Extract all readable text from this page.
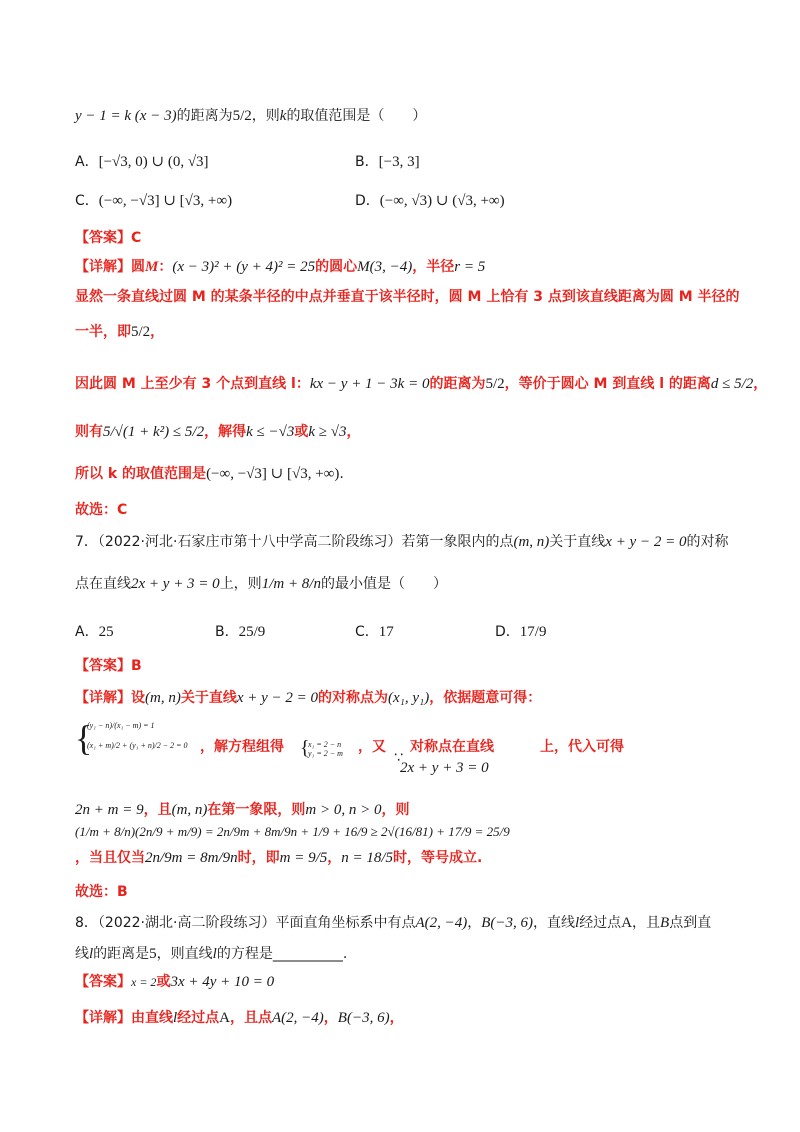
y − 1 = k (x − 3)的距离为5/2，则k的取值范围是（　　）
A．[−√3, 0) ∪ (0, √3]	B．[−3, 3]
C．(−∞, −√3] ∪ [√3, +∞)	D．(−∞, √3) ∪ (√3, +∞)
【答案】C
【详解】圆M：(x − 3)² + (y + 4)² = 25的圆心M(3, −4)，半径r = 5
显然一条直线过圆 M 的某条半径的中点并垂直于该半径时，圆 M 上恰有 3 点到该直线距离为圆 M 半径的
一半，即5/2，
因此圆 M 上至少有 3 个点到直线 l：kx − y + 1 − 3k = 0的距离为5/2，等价于圆心 M 到直线 l 的距离d ≤ 5/2，
则有5/√(1 + k²) ≤ 5/2，解得k ≤ −√3或k ≥ √3，
所以 k 的取值范围是(−∞, −√3] ∪ [√3, +∞).
故选：C
7．（2022·河北·石家庄市第十八中学高二阶段练习）若第一象限内的点(m, n)关于直线x + y − 2 = 0的对称
点在直线2x + y + 3 = 0上，则1/m + 8/n的最小值是（　　）
A．25	B．25/9	C．17	D．17/9
【答案】B
【详解】设(m, n)关于直线x + y − 2 = 0的对称点为(x₁, y₁)，依据题意可得：
{
(y₁ − n)/(x₁ − m) = 1
(x₁ + m)/2 + (y₁ + n)/2 − 2 = 0 ，解方程组得 {
x₁ = 2 − n
y₁ = 2 − m ，又
∵
对称点在直线
2x + y + 3 = 0
上，代入可得
2n + m = 9，且(m, n)在第一象限，则m > 0, n > 0，则
(1/m + 8/n)(2n/9 + m/9) = 2n/9m + 8m/9n + 1/9 + 16/9 ≥ 2√(16/81) + 17/9 = 25/9
，当且仅当2n/9m = 8m/9n时，即m = 9/5，n = 18/5时，等号成立.
故选：B
8．（2022·湖北·高二阶段练习）平面直角坐标系中有点A(2, −4)，B(−3, 6)，直线l经过点A，且B点到直
线l的距离是5，则直线l的方程是__________.
【答案】x = 2或3x + 4y + 10 = 0
【详解】由直线l经过点A，且点A(2, −4)，B(−3, 6)，
